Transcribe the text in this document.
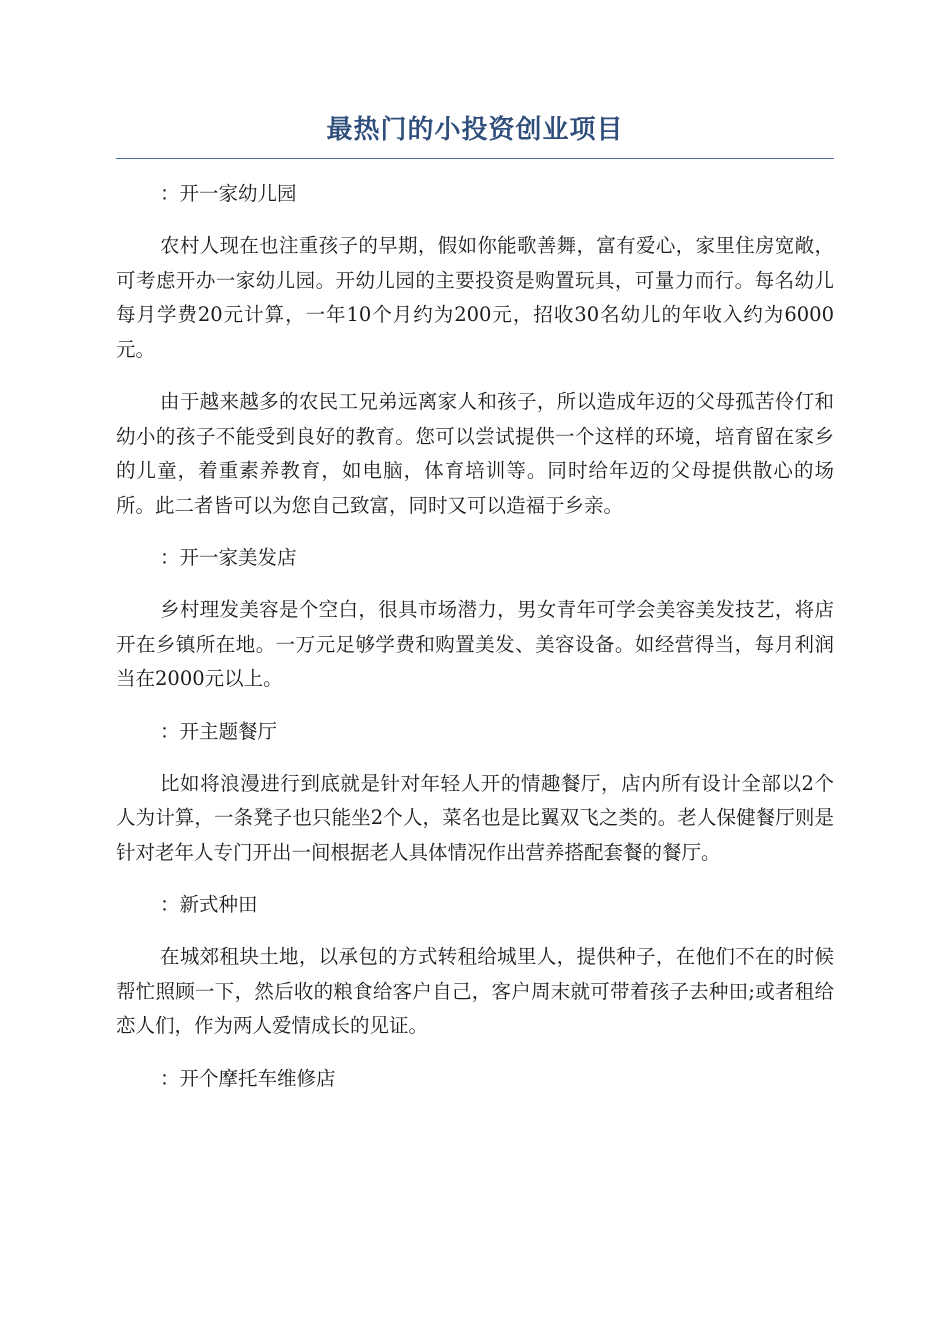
最热门的小投资创业项目

：开一家幼儿园

农村人现在也注重孩子的早期，假如你能歌善舞，富有爱心，家里住房宽敞，可考虑开办一家幼儿园。开幼儿园的主要投资是购置玩具，可量力而行。每名幼儿每月学费20元计算，一年10个月约为200元，招收30名幼儿的年收入约为6000元。

由于越来越多的农民工兄弟远离家人和孩子，所以造成年迈的父母孤苦伶仃和幼小的孩子不能受到良好的教育。您可以尝试提供一个这样的环境，培育留在家乡的儿童，着重素养教育，如电脑，体育培训等。同时给年迈的父母提供散心的场所。此二者皆可以为您自己致富，同时又可以造福于乡亲。

：开一家美发店

乡村理发美容是个空白，很具市场潜力，男女青年可学会美容美发技艺，将店开在乡镇所在地。一万元足够学费和购置美发、美容设备。如经营得当，每月利润当在2000元以上。

：开主题餐厅

比如将浪漫进行到底就是针对年轻人开的情趣餐厅，店内所有设计全部以2个人为计算，一条凳子也只能坐2个人，菜名也是比翼双飞之类的。老人保健餐厅则是针对老年人专门开出一间根据老人具体情况作出营养搭配套餐的餐厅。

：新式种田

在城郊租块土地，以承包的方式转租给城里人，提供种子，在他们不在的时候帮忙照顾一下，然后收的粮食给客户自己，客户周末就可带着孩子去种田;或者租给恋人们，作为两人爱情成长的见证。

：开个摩托车维修店
